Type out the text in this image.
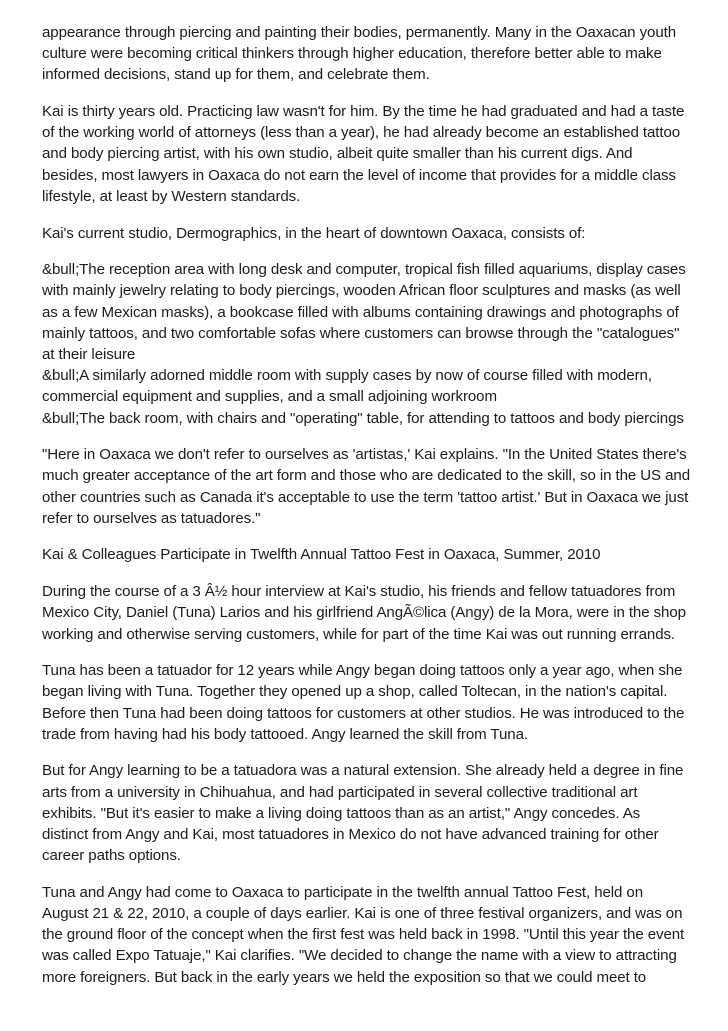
appearance through piercing and painting their bodies, permanently. Many in the Oaxacan youth
culture were becoming critical thinkers through higher education, therefore better able to make
informed decisions, stand up for them, and celebrate them.
Kai is thirty years old. Practicing law wasn't for him. By the time he had graduated and had a taste
of the working world of attorneys (less than a year), he had already become an established tattoo
and body piercing artist, with his own studio, albeit quite smaller than his current digs. And
besides, most lawyers in Oaxaca do not earn the level of income that provides for a middle class
lifestyle, at least by Western standards.
Kai's current studio, Dermographics, in the heart of downtown Oaxaca, consists of:
&bull;The reception area with long desk and computer, tropical fish filled aquariums, display cases
with mainly jewelry relating to body piercings, wooden African floor sculptures and masks (as well
as a few Mexican masks), a bookcase filled with albums containing drawings and photographs of
mainly tattoos, and two comfortable sofas where customers can browse through the "catalogues"
at their leisure
&bull;A similarly adorned middle room with supply cases by now of course filled with modern,
commercial equipment and supplies, and a small adjoining workroom
&bull;The back room, with chairs and "operating" table, for attending to tattoos and body piercings
"Here in Oaxaca we don't refer to ourselves as 'artistas,' Kai explains. "In the United States there's
much greater acceptance of the art form and those who are dedicated to the skill, so in the US and
other countries such as Canada it's acceptable to use the term 'tattoo artist.' But in Oaxaca we just
refer to ourselves as tatuadores."
Kai & Colleagues Participate in Twelfth Annual Tattoo Fest in Oaxaca, Summer, 2010
During the course of a 3 Â½ hour interview at Kai's studio, his friends and fellow tatuadores from
Mexico City, Daniel (Tuna) Larios and his girlfriend AngÃ©lica (Angy) de la Mora, were in the shop
working and otherwise serving customers, while for part of the time Kai was out running errands.
Tuna has been a tatuador for 12 years while Angy began doing tattoos only a year ago, when she
began living with Tuna. Together they opened up a shop, called Toltecan, in the nation's capital.
Before then Tuna had been doing tattoos for customers at other studios. He was introduced to the
trade from having had his body tattooed. Angy learned the skill from Tuna.
But for Angy learning to be a tatuadora was a natural extension. She already held a degree in fine
arts from a university in Chihuahua, and had participated in several collective traditional art
exhibits. "But it's easier to make a living doing tattoos than as an artist," Angy concedes. As
distinct from Angy and Kai, most tatuadores in Mexico do not have advanced training for other
career paths options.
Tuna and Angy had come to Oaxaca to participate in the twelfth annual Tattoo Fest, held on
August 21 & 22, 2010, a couple of days earlier. Kai is one of three festival organizers, and was on
the ground floor of the concept when the first fest was held back in 1998. "Until this year the event
was called Expo Tatuaje," Kai clarifies. "We decided to change the name with a view to attracting
more foreigners. But back in the early years we held the exposition so that we could meet to
